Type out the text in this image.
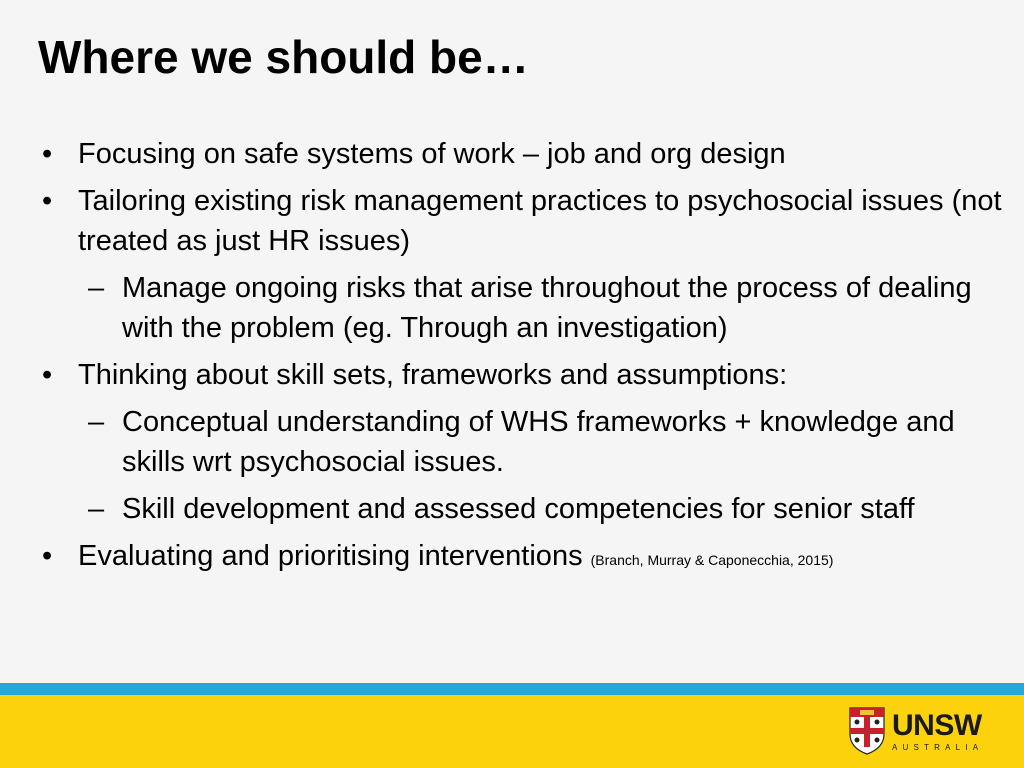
Where we should be…
• Focusing on safe systems of work – job and org design
• Tailoring existing risk management practices to psychosocial issues (not treated as just HR issues)
– Manage ongoing risks that arise throughout the process of dealing with the problem (eg. Through an investigation)
• Thinking about skill sets, frameworks and assumptions:
– Conceptual understanding of WHS frameworks + knowledge and skills wrt psychosocial issues.
– Skill development and assessed competencies for senior staff
• Evaluating and prioritising interventions (Branch, Murray & Caponecchia, 2015)
UNSW
AUSTRALIA
